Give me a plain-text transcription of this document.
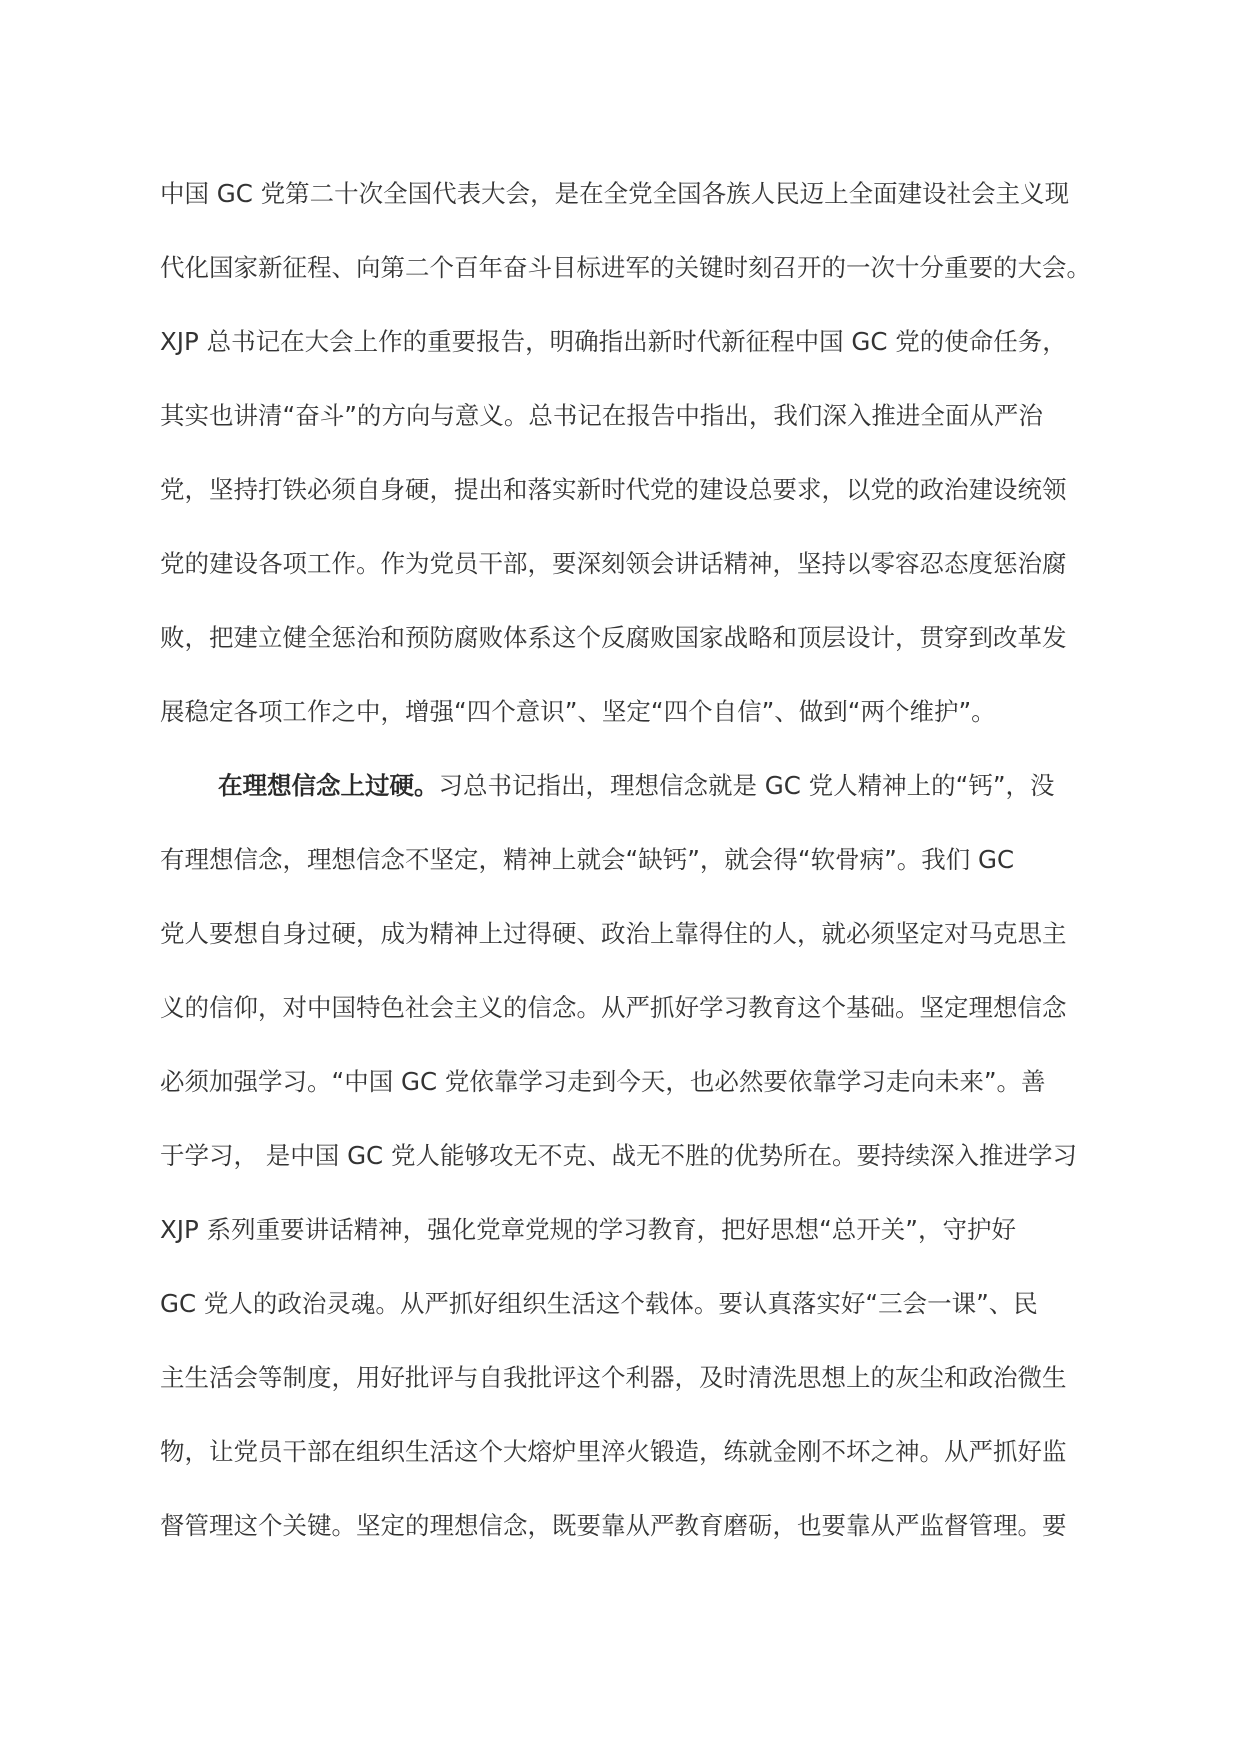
中国 GC 党第二十次全国代表大会，是在全党全国各族人民迈上全面建设社会主义现
代化国家新征程、向第二个百年奋斗目标进军的关键时刻召开的一次十分重要的大会。
XJP 总书记在大会上作的重要报告，明确指出新时代新征程中国 GC 党的使命任务，
其实也讲清“奋斗”的方向与意义。总书记在报告中指出，我们深入推进全面从严治
党，坚持打铁必须自身硬，提出和落实新时代党的建设总要求，以党的政治建设统领
党的建设各项工作。作为党员干部，要深刻领会讲话精神，坚持以零容忍态度惩治腐
败，把建立健全惩治和预防腐败体系这个反腐败国家战略和顶层设计，贯穿到改革发
展稳定各项工作之中，增强“四个意识”、坚定“四个自信”、做到“两个维护”。
在理想信念上过硬。习总书记指出，理想信念就是 GC 党人精神上的“钙”，没
有理想信念，理想信念不坚定，精神上就会“缺钙”，就会得“软骨病”。我们 GC
党人要想自身过硬，成为精神上过得硬、政治上靠得住的人，就必须坚定对马克思主
义的信仰，对中国特色社会主义的信念。从严抓好学习教育这个基础。坚定理想信念
必须加强学习。“中国 GC 党依靠学习走到今天，也必然要依靠学习走向未来”。善
于学习， 是中国 GC 党人能够攻无不克、战无不胜的优势所在。要持续深入推进学习
XJP 系列重要讲话精神，强化党章党规的学习教育，把好思想“总开关”，守护好
GC 党人的政治灵魂。从严抓好组织生活这个载体。要认真落实好“三会一课”、民
主生活会等制度，用好批评与自我批评这个利器，及时清洗思想上的灰尘和政治微生
物，让党员干部在组织生活这个大熔炉里淬火锻造，练就金刚不坏之神。从严抓好监
督管理这个关键。坚定的理想信念，既要靠从严教育磨砺，也要靠从严监督管理。要
